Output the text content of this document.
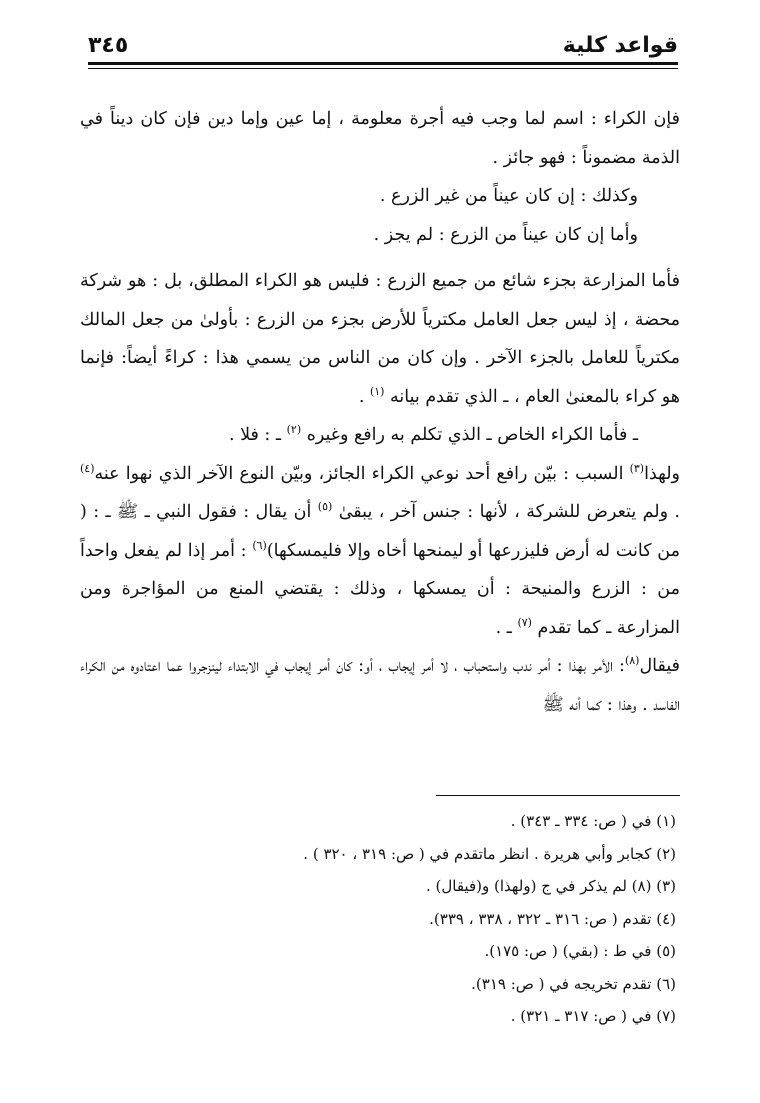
٣٤٥	قواعد كلية

فإن الكراء : اسم لما وجب فيه أجرة معلومة ، إما عين وإما دين فإن كان ديناً في الذمة مضموناً : فهو جائز .

وكذلك : إن كان عيناً من غير الزرع .

وأما إن كان عيناً من الزرع : لم يجز .

فأما المزارعة بجزء شائع من جميع الزرع : فليس هو الكراء المطلق، بل : هو شركة محضة ، إذ ليس جعل العامل مكترياً للأرض بجزء من الزرع : بأولىٰ من جعل المالك مكترياً للعامل بالجزء الآخر . وإن كان من الناس من يسمي هذا : كراءً أيضاً: فإنما هو كراء بالمعنىٰ العام ، ـ الذي تقدم بيانه $^{(١)}$ .

ـ فأما الكراء الخاص ـ الذي تكلم به رافع وغيره $^{(٢)}$ ـ : فلا .

ولهذا$^{(٣)}$ السبب : بيّن رافع أحد نوعي الكراء الجائز، وبيّن النوع الآخر الذي نهوا عنه$^{(٤)}$ . ولم يتعرض للشركة ، لأنها : جنس آخر ، يبقىٰ $^{(٥)}$ أن يقال : فقول النبي ـ ﷺ ـ : ( من كانت له أرض فليزرعها أو ليمنحها أخاه وإلا فليمسكها)$^{(٦)}$ : أمر إذا لم يفعل واحداً من : الزرع والمنيحة : أن يمسكها ، وذلك : يقتضي المنع من المؤاجرة ومن المزارعة ـ كما تقدم $^{(٧)}$ ـ .

فيقال$^{(٨)}$: الأمر بهذا : أمر ندب واستحباب ، لا أمر إيجاب ، أو: كان أمر إيجاب في الابتداء لينزجروا عما اعتادوه من الكراء الفاسد . وهذا : كما أنه ﷺ

(١) في ( ص: ٣٣٤ ـ ٣٤٣) .

(٢) كجابر وأبي هريرة . انظر ماتقدم في ( ص: ٣١٩ ، ٣٢٠ ) .

(٣) (٨) لم يذكر في ج (ولهذا) و(فيقال) .

(٤) تقدم ( ص: ٣١٦ ـ ٣٢٢ ، ٣٣٨ ، ٣٣٩).

(٥) في ط : (بقي) ( ص: ١٧٥).

(٦) تقدم تخريجه في ( ص: ٣١٩).

(٧) في ( ص: ٣١٧ ـ ٣٢١) .
